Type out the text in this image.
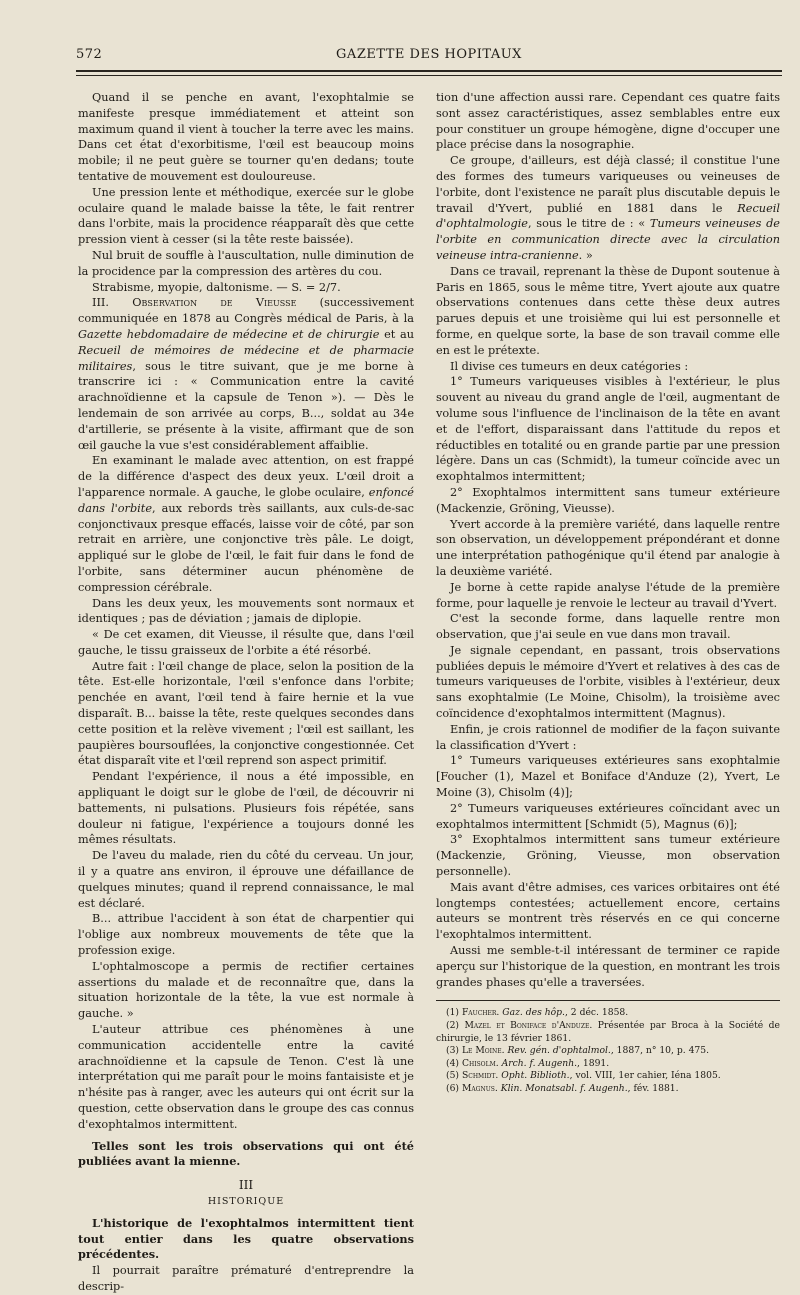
572	GAZETTE DES HOPITAUX

Quand il se penche en avant, l'exophtalmie se manifeste presque immédiatement et atteint son maximum quand il vient à toucher la terre avec les mains. Dans cet état d'exorbitisme, l'œil est beaucoup moins mobile; il ne peut guère se tourner qu'en dedans; toute tentative de mouvement est douloureuse.

Une pression lente et méthodique, exercée sur le globe oculaire quand le malade baisse la tête, le fait rentrer dans l'orbite, mais la procidence réapparaît dès que cette pression vient à cesser (si la tête reste baissée).

Nul bruit de souffle à l'auscultation, nulle diminution de la procidence par la compression des artères du cou.

Strabisme, myopie, daltonisme. — S. = 2/7.

III. Observation de Vieusse (successivement communiquée en 1878 au Congrès médical de Paris, à la Gazette hebdomadaire de médecine et de chirurgie et au Recueil de mémoires de médecine et de pharmacie militaires, sous le titre suivant, que je me borne à transcrire ici : « Communication entre la cavité arachnoïdienne et la capsule de Tenon »). — Dès le lendemain de son arrivée au corps, B..., soldat au 34e d'artillerie, se présente à la visite, affirmant que de son œil gauche la vue s'est considérablement affaiblie.

En examinant le malade avec attention, on est frappé de la différence d'aspect des deux yeux. L'œil droit a l'apparence normale. A gauche, le globe oculaire, enfoncé dans l'orbite, aux rebords très saillants, aux culs-de-sac conjonctivaux presque effacés, laisse voir de côté, par son retrait en arrière, une conjonctive très pâle. Le doigt, appliqué sur le globe de l'œil, le fait fuir dans le fond de l'orbite, sans déterminer aucun phénomène de compression cérébrale.

Dans les deux yeux, les mouvements sont normaux et identiques ; pas de déviation ; jamais de diplopie.

« De cet examen, dit Vieusse, il résulte que, dans l'œil gauche, le tissu graisseux de l'orbite a été résorbé.

Autre fait : l'œil change de place, selon la position de la tête. Est-elle horizontale, l'œil s'enfonce dans l'orbite; penchée en avant, l'œil tend à faire hernie et la vue disparaît. B... baisse la tête, reste quelques secondes dans cette position et la relève vivement ; l'œil est saillant, les paupières boursouflées, la conjonctive congestionnée. Cet état disparaît vite et l'œil reprend son aspect primitif.

Pendant l'expérience, il nous a été impossible, en appliquant le doigt sur le globe de l'œil, de découvrir ni battements, ni pulsations. Plusieurs fois répétée, sans douleur ni fatigue, l'expérience a toujours donné les mêmes résultats.

De l'aveu du malade, rien du côté du cerveau. Un jour, il y a quatre ans environ, il éprouve une défaillance de quelques minutes; quand il reprend connaissance, le mal est déclaré.

B... attribue l'accident à son état de charpentier qui l'oblige aux nombreux mouvements de tête que la profession exige.

L'ophtalmoscope a permis de rectifier certaines assertions du malade et de reconnaître que, dans la situation horizontale de la tête, la vue est normale à gauche. »

L'auteur attribue ces phénomènes à une communication accidentelle entre la cavité arachnoïdienne et la capsule de Tenon. C'est là une interprétation qui me paraît pour le moins fantaisiste et je n'hésite pas à ranger, avec les auteurs qui ont écrit sur la question, cette observation dans le groupe des cas connus d'exophtalmos intermittent.

Telles sont les trois observations qui ont été publiées avant la mienne.

III
HISTORIQUE

L'historique de l'exophtalmos intermittent tient tout entier dans les quatre observations précédentes.

Il pourrait paraître prématuré d'entreprendre la descrip-

tion d'une affection aussi rare. Cependant ces quatre faits sont assez caractéristiques, assez semblables entre eux pour constituer un groupe hémogène, digne d'occuper une place précise dans la nosographie.

Ce groupe, d'ailleurs, est déjà classé; il constitue l'une des formes des tumeurs variqueuses ou veineuses de l'orbite, dont l'existence ne paraît plus discutable depuis le travail d'Yvert, publié en 1881 dans le Recueil d'ophtalmologie, sous le titre de : « Tumeurs veineuses de l'orbite en communication directe avec la circulation veineuse intra-cranienne. »

Dans ce travail, reprenant la thèse de Dupont soutenue à Paris en 1865, sous le même titre, Yvert ajoute aux quatre observations contenues dans cette thèse deux autres parues depuis et une troisième qui lui est personnelle et forme, en quelque sorte, la base de son travail comme elle en est le prétexte.

Il divise ces tumeurs en deux catégories :

1° Tumeurs variqueuses visibles à l'extérieur, le plus souvent au niveau du grand angle de l'œil, augmentant de volume sous l'influence de l'inclinaison de la tête en avant et de l'effort, disparaissant dans l'attitude du repos et réductibles en totalité ou en grande partie par une pression légère. Dans un cas (Schmidt), la tumeur coïncide avec un exophtalmos intermittent;

2° Exophtalmos intermittent sans tumeur extérieure (Mackenzie, Gröning, Vieusse).

Yvert accorde à la première variété, dans laquelle rentre son observation, un développement prépondérant et donne une interprétation pathogénique qu'il étend par analogie à la deuxième variété.

Je borne à cette rapide analyse l'étude de la première forme, pour laquelle je renvoie le lecteur au travail d'Yvert.

C'est la seconde forme, dans laquelle rentre mon observation, que j'ai seule en vue dans mon travail.

Je signale cependant, en passant, trois observations publiées depuis le mémoire d'Yvert et relatives à des cas de tumeurs variqueuses de l'orbite, visibles à l'extérieur, deux sans exophtalmie (Le Moine, Chisolm), la troisième avec coïncidence d'exophtalmos intermittent (Magnus).

Enfin, je crois rationnel de modifier de la façon suivante la classification d'Yvert :

1° Tumeurs variqueuses extérieures sans exophtalmie [Foucher (1), Mazel et Boniface d'Anduze (2), Yvert, Le Moine (3), Chisolm (4)];

2° Tumeurs variqueuses extérieures coïncidant avec un exophtalmos intermittent [Schmidt (5), Magnus (6)];

3° Exophtalmos intermittent sans tumeur extérieure (Mackenzie, Gröning, Vieusse, mon observation personnelle).

Mais avant d'être admises, ces varices orbitaires ont été longtemps contestées; actuellement encore, certains auteurs se montrent très réservés en ce qui concerne l'exophtalmos intermittent.

Aussi me semble-t-il intéressant de terminer ce rapide aperçu sur l'historique de la question, en montrant les trois grandes phases qu'elle a traversées.

(1) Faucher. Gaz. des hôp., 2 déc. 1858.

(2) Mazel et Boniface d'Anduze. Présentée par Broca à la Société de chirurgie, le 13 février 1861.

(3) Le Moine. Rev. gén. d'ophtalmol., 1887, n° 10, p. 475.

(4) Chisolm. Arch. f. Augenh., 1891.

(5) Schmidt. Opht. Biblioth., vol. VIII, 1er cahier, Iéna 1805.

(6) Magnus. Klin. Monatsabl. f. Augenh., fév. 1881.
